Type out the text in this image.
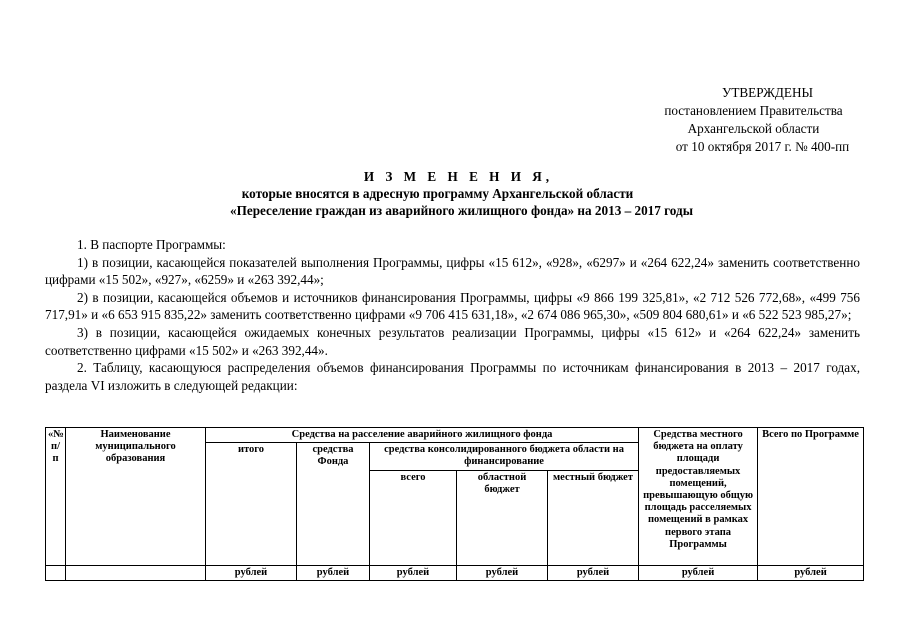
УТВЕРЖДЕНЫ
постановлением Правительства
Архангельской области
от 10 октября 2017 г. № 400-пп
И З М Е Н Е Н И Я,
которые вносятся в адресную программу Архангельской области
«Переселение граждан из аварийного жилищного фонда» на 2013 – 2017 годы

1. В паспорте Программы:

1) в позиции, касающейся показателей выполнения Программы, цифры «15 612», «928», «6297» и «264 622,24» заменить соответственно цифрами «15 502», «927», «6259» и «263 392,44»;

2) в позиции, касающейся объемов и источников финансирования Программы, цифры «9 866 199 325,81», «2 712 526 772,68», «499 756 717,91» и «6 653 915 835,22» заменить соответственно цифрами «9 706 415 631,18», «2 674 086 965,30», «509 804 680,61» и «6 522 523 985,27»;

3) в позиции, касающейся ожидаемых конечных результатов реализации Программы, цифры «15 612» и «264 622,24» заменить соответственно цифрами «15 502» и «263 392,44».

2. Таблицу, касающуюся распределения объемов финансирования Программы по источникам финансирования в 2013 – 2017 годах, раздела VI изложить в следующей редакции:

«№ п/п	Наименование муниципального образования	Средства на расселение аварийного жилищного фонда					Средства местного бюджета на оплату площади предоставляемых помещений, превышающую общую площадь расселяемых помещений в рамках первого этапа Программы	Всего по Программе
		итого	средства Фонда	средства консолидированного бюджета области на финансирование				
				всего	областной бюджет	местный бюджет		
		рублей	рублей	рублей	рублей	рублей	рублей	рублей
